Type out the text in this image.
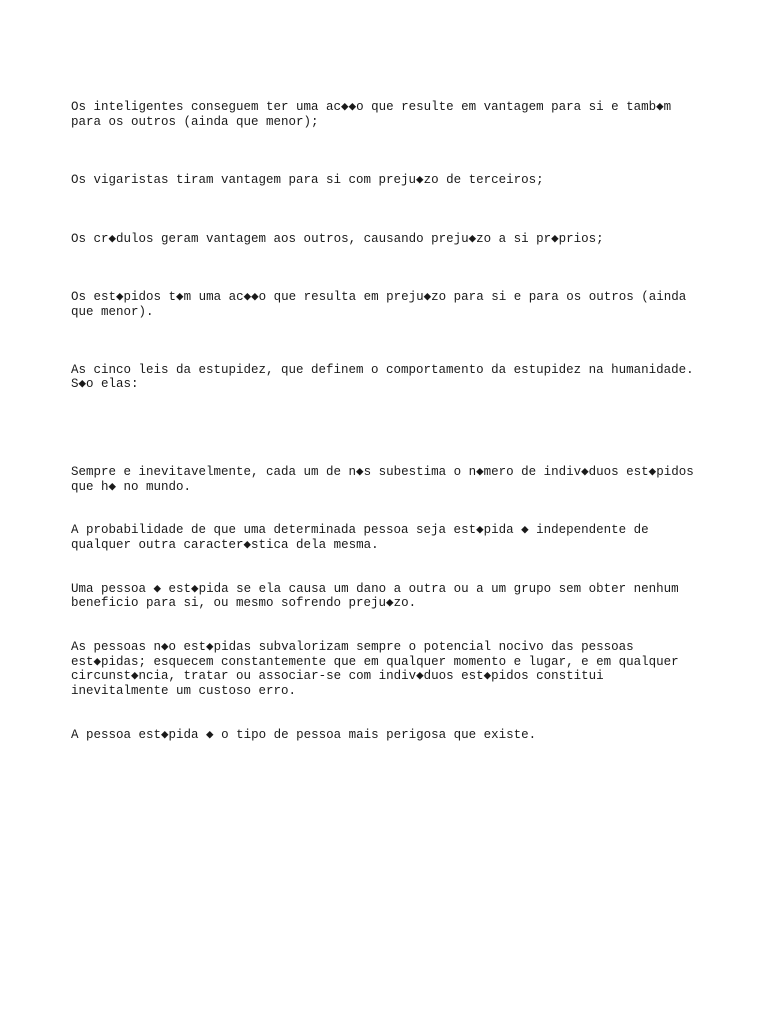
Os inteligentes conseguem ter uma ac◆◆o que resulte em vantagem para si e tamb◆m
para os outros (ainda que menor);

Os vigaristas tiram vantagem para si com preju◆zo de terceiros;

Os cr◆dulos geram vantagem aos outros, causando preju◆zo a si pr◆prios;

Os est◆pidos t◆m uma ac◆◆o que resulta em preju◆zo para si e para os outros (ainda
que menor).

As cinco leis da estupidez, que definem o comportamento da estupidez na humanidade.
S◆o elas:

Sempre e inevitavelmente, cada um de n◆s subestima o n◆mero de indiv◆duos est◆pidos
que h◆ no mundo.

A probabilidade de que uma determinada pessoa seja est◆pida ◆ independente de
qualquer outra caracter◆stica dela mesma.

Uma pessoa ◆ est◆pida se ela causa um dano a outra ou a um grupo sem obter nenhum
beneficio para si, ou mesmo sofrendo preju◆zo.

As pessoas n◆o est◆pidas subvalorizam sempre o potencial nocivo das pessoas
est◆pidas; esquecem constantemente que em qualquer momento e lugar, e em qualquer
circunst◆ncia, tratar ou associar-se com indiv◆duos est◆pidos constitui
inevitalmente um custoso erro.

A pessoa est◆pida ◆ o tipo de pessoa mais perigosa que existe.
